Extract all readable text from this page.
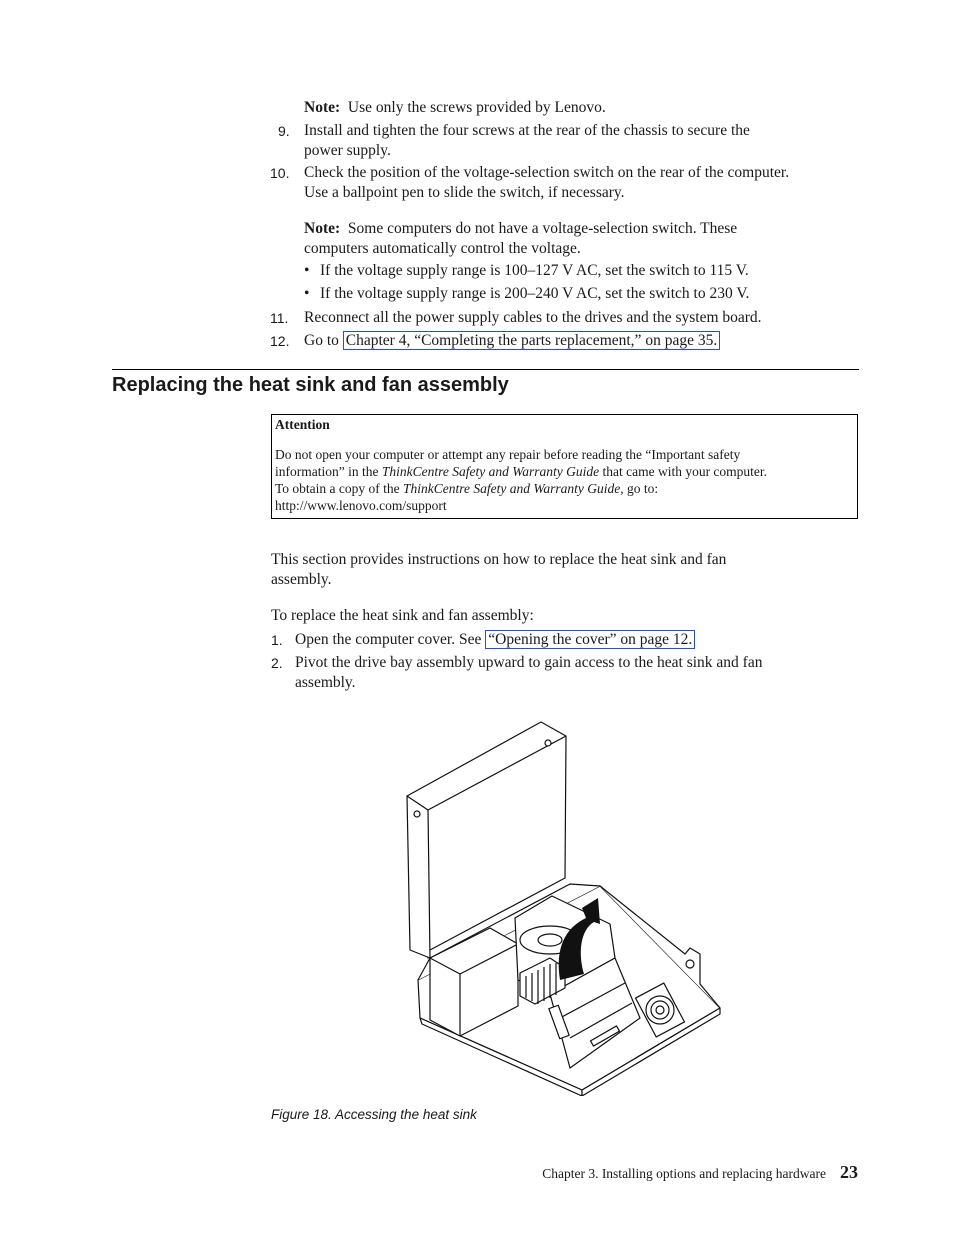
Note: Use only the screws provided by Lenovo.
9. Install and tighten the four screws at the rear of the chassis to secure the
power supply.
10. Check the position of the voltage-selection switch on the rear of the computer.
Use a ballpoint pen to slide the switch, if necessary.
Note: Some computers do not have a voltage-selection switch. These
computers automatically control the voltage.
• If the voltage supply range is 100–127 V AC, set the switch to 115 V.
• If the voltage supply range is 200–240 V AC, set the switch to 230 V.
11. Reconnect all the power supply cables to the drives and the system board.
12. Go to Chapter 4, “Completing the parts replacement,” on page 35.
Replacing the heat sink and fan assembly
Attention
Do not open your computer or attempt any repair before reading the “Important safety
information” in the ThinkCentre Safety and Warranty Guide that came with your computer.
To obtain a copy of the ThinkCentre Safety and Warranty Guide, go to:
http://www.lenovo.com/support
This section provides instructions on how to replace the heat sink and fan
assembly.
To replace the heat sink and fan assembly:
1. Open the computer cover. See “Opening the cover” on page 12.
2. Pivot the drive bay assembly upward to gain access to the heat sink and fan
assembly.
Figure 18. Accessing the heat sink
Chapter 3. Installing options and replacing hardware 23
